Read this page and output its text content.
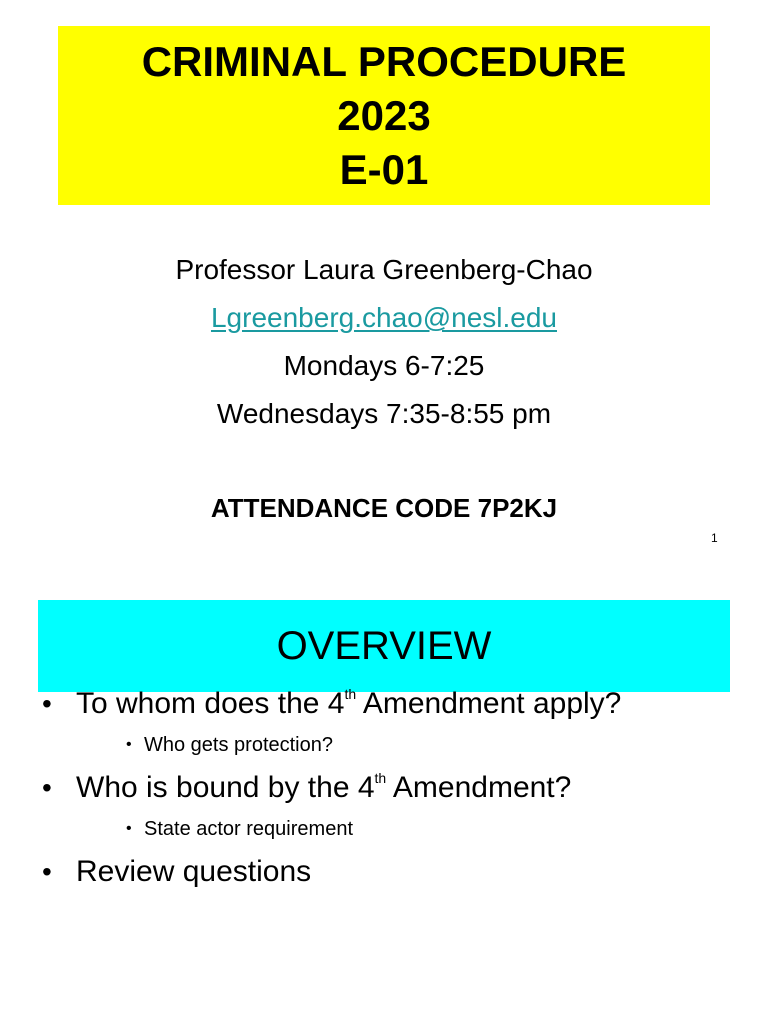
CRIMINAL PROCEDURE
2023
E-01
Professor Laura Greenberg-Chao
Lgreenberg.chao@nesl.edu
Mondays 6-7:25
Wednesdays 7:35-8:55 pm
ATTENDANCE CODE 7P2KJ
1
OVERVIEW
• To whom does the 4th Amendment apply?
• Who gets protection?
• Who is bound by the 4th Amendment?
• State actor requirement
• Review questions
